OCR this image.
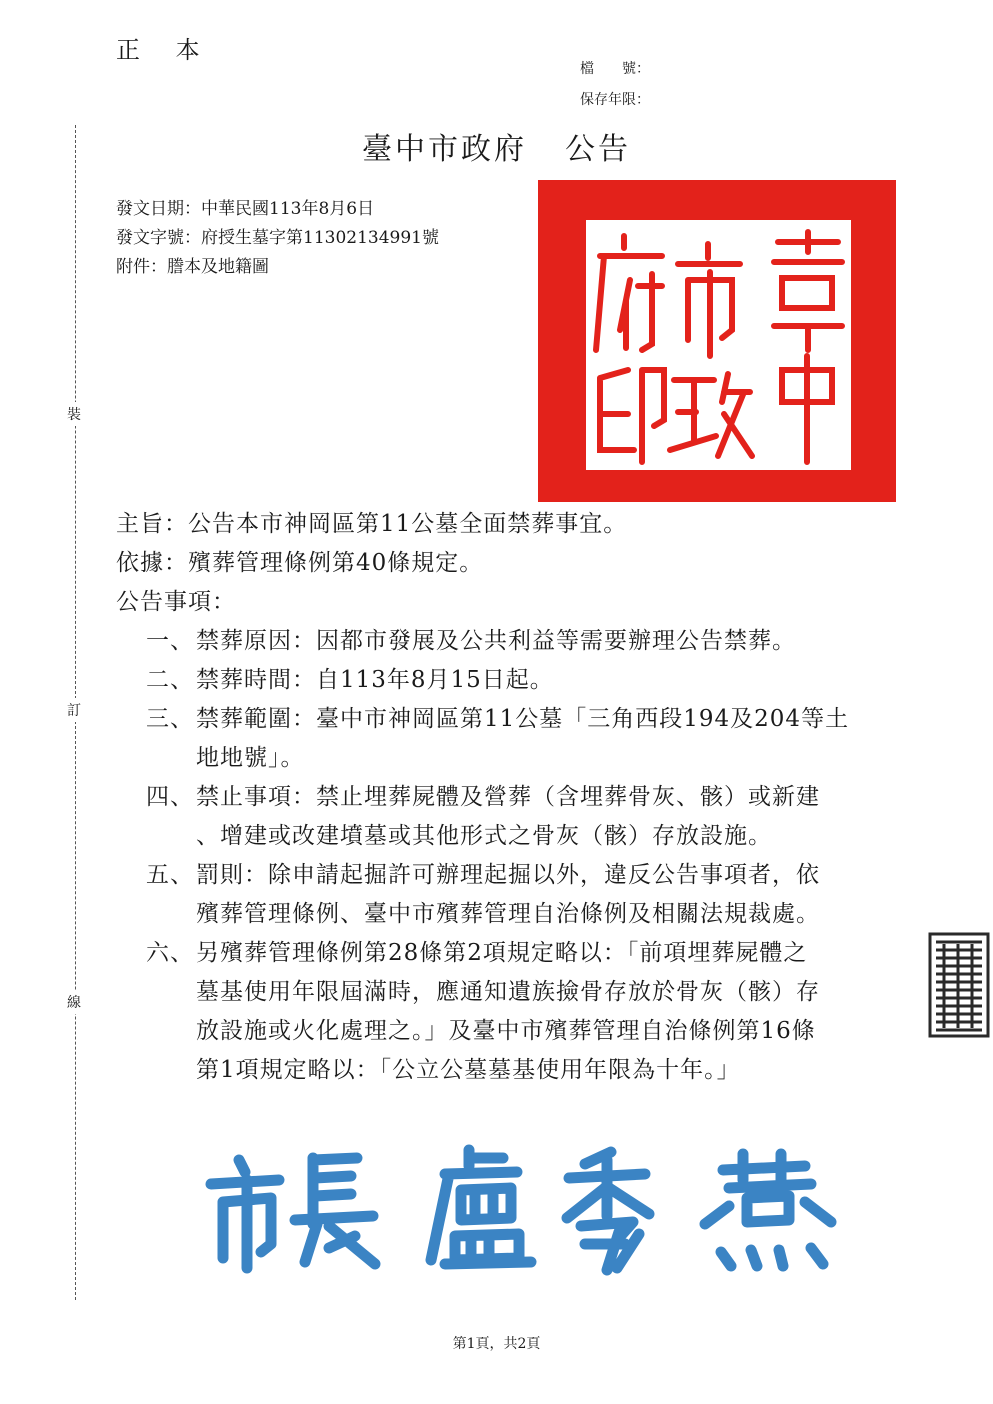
正 本
檔　　號：
保存年限：
裝
訂
線
臺中市政府 公告
發文日期：中華民國113年8月6日
發文字號：府授生墓字第11302134991號
附件：謄本及地籍圖
主旨：公告本市神岡區第11公墓全面禁葬事宜。
依據：殯葬管理條例第40條規定。
公告事項：
一、 禁葬原因：因都市發展及公共利益等需要辦理公告禁葬。
二、 禁葬時間：自113年8月15日起。
三、 禁葬範圍：臺中市神岡區第11公墓「三角西段194及204等土
地地號」。
四、 禁止事項：禁止埋葬屍體及營葬（含埋葬骨灰、骸）或新建
、增建或改建墳墓或其他形式之骨灰（骸）存放設施。
五、 罰則：除申請起掘許可辦理起掘以外，違反公告事項者，依
殯葬管理條例、臺中市殯葬管理自治條例及相關法規裁處。
六、 另殯葬管理條例第28條第2項規定略以：「前項埋葬屍體之
墓基使用年限屆滿時，應通知遺族撿骨存放於骨灰（骸）存
放設施或火化處理之。」及臺中市殯葬管理自治條例第16條
第1項規定略以：「公立公墓墓基使用年限為十年。」
第1頁，共2頁
